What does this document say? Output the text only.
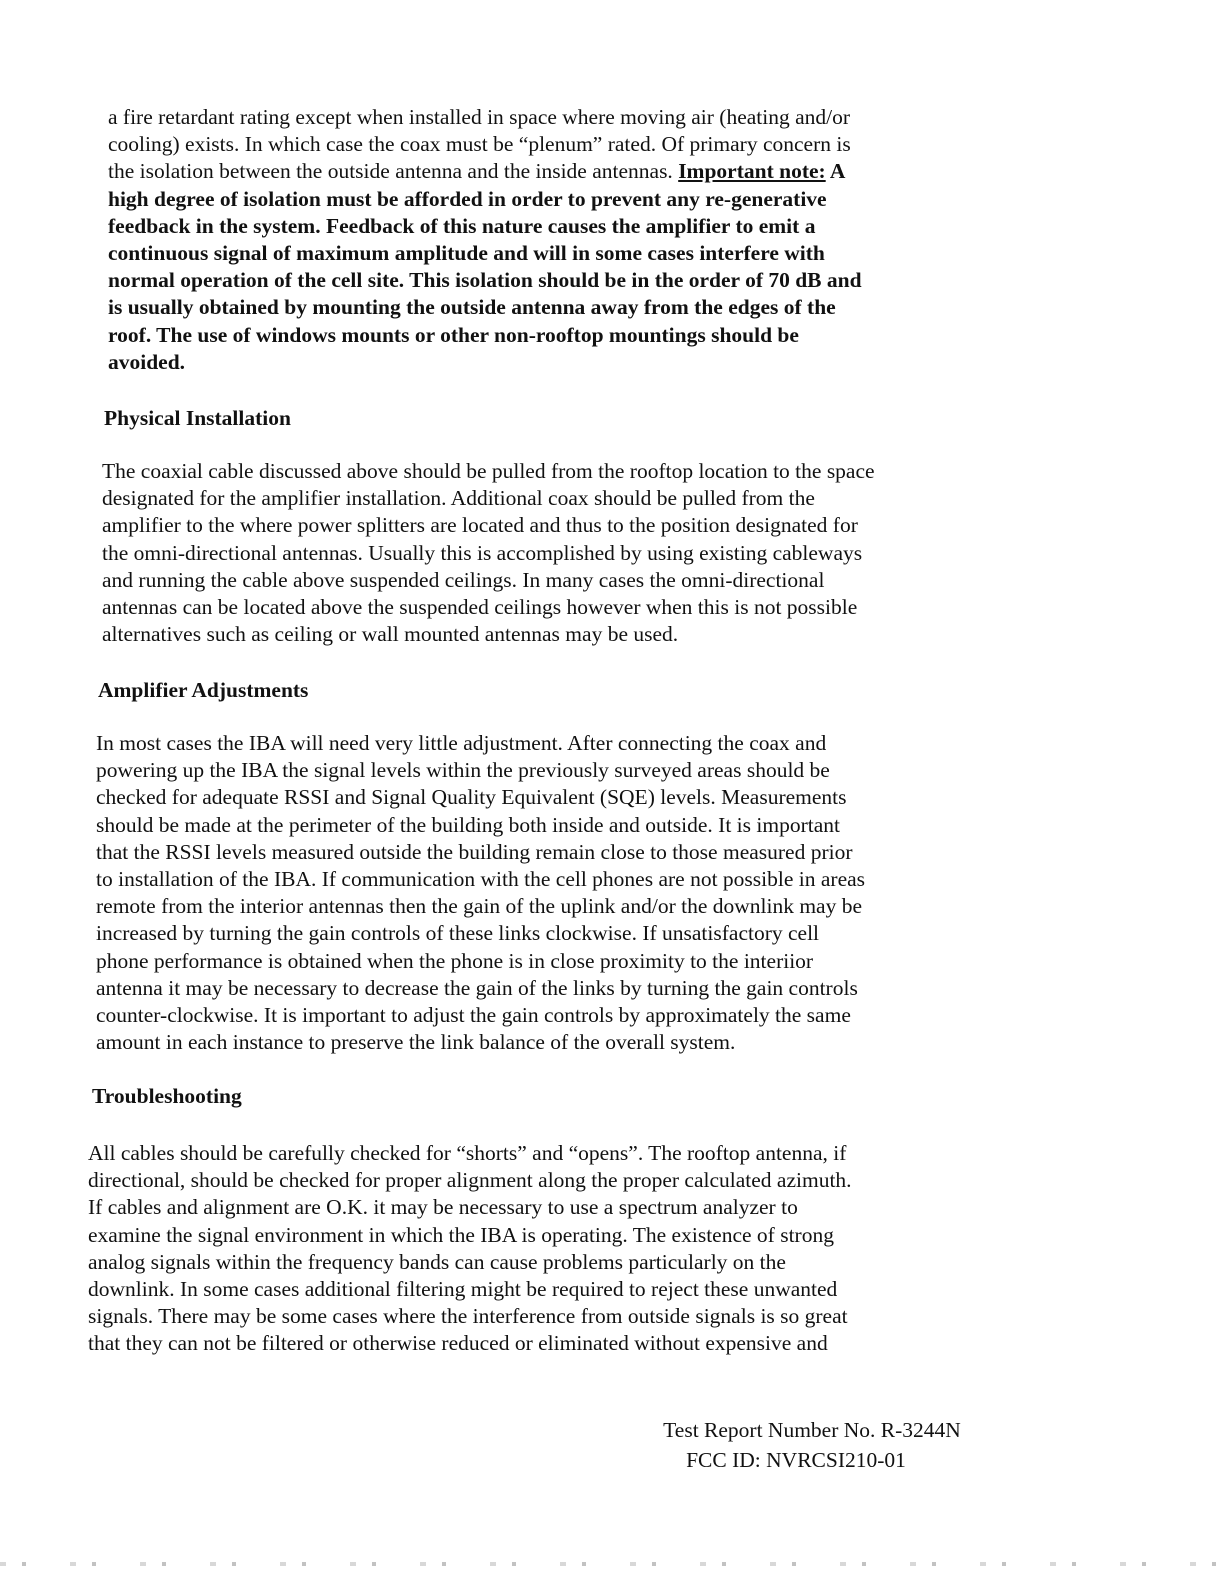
a fire retardant rating except when installed in space where moving air (heating and/or
cooling) exists. In which case the coax must be “plenum” rated. Of primary concern is
the isolation between the outside antenna and the inside antennas. Important note: A
high degree of isolation must be afforded in order to prevent any re-generative
feedback in the system. Feedback of this nature causes the amplifier to emit a
continuous signal of maximum amplitude and will in some cases interfere with
normal operation of the cell site. This isolation should be in the order of 70 dB and
is usually obtained by mounting the outside antenna away from the edges of the
roof. The use of windows mounts or other non-rooftop mountings should be
avoided.

Physical Installation

The coaxial cable discussed above should be pulled from the rooftop location to the space
designated for the amplifier installation. Additional coax should be pulled from the
amplifier to the where power splitters are located and thus to the position designated for
the omni-directional antennas. Usually this is accomplished by using existing cableways
and running the cable above suspended ceilings. In many cases the omni-directional
antennas can be located above the suspended ceilings however when this is not possible
alternatives such as ceiling or wall mounted antennas may be used.

Amplifier Adjustments

In most cases the IBA will need very little adjustment. After connecting the coax and
powering up the IBA the signal levels within the previously surveyed areas should be
checked for adequate RSSI and Signal Quality Equivalent (SQE) levels. Measurements
should be made at the perimeter of the building both inside and outside. It is important
that the RSSI levels measured outside the building remain close to those measured prior
to installation of the IBA. If communication with the cell phones are not possible in areas
remote from the interior antennas then the gain of the uplink and/or the downlink may be
increased by turning the gain controls of these links clockwise. If unsatisfactory cell
phone performance is obtained when the phone is in close proximity to the interiior
antenna it may be necessary to decrease the gain of the links by turning the gain controls
counter-clockwise. It is important to adjust the gain controls by approximately the same
amount in each instance to preserve the link balance of the overall system.

Troubleshooting

All cables should be carefully checked for “shorts” and “opens”. The rooftop antenna, if
directional, should be checked for proper alignment along the proper calculated azimuth.
If cables and alignment are O.K. it may be necessary to use a spectrum analyzer to
examine the signal environment in which the IBA is operating. The existence of strong
analog signals within the frequency bands can cause problems particularly on the
downlink. In some cases additional filtering might be required to reject these unwanted
signals. There may be some cases where the interference from outside signals is so great
that they can not be filtered or otherwise reduced or eliminated without expensive and

Test Report Number No. R-3244N
FCC ID: NVRCSI210-01
